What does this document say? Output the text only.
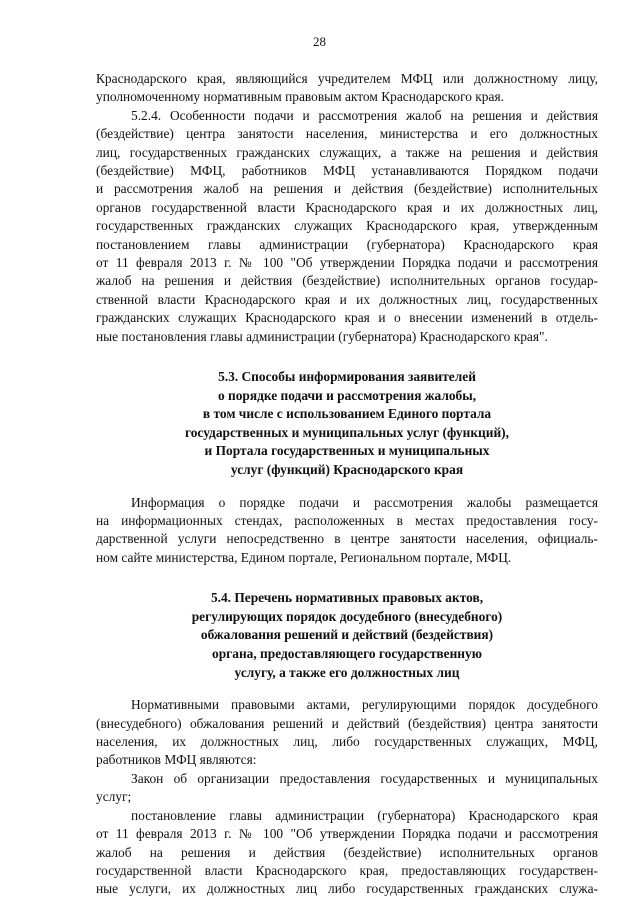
28
Краснодарского края, являющийся учредителем МФЦ или должностному лицу,
уполномоченному нормативным правовым актом Краснодарского края.
5.2.4. Особенности подачи и рассмотрения жалоб на решения и действия
(бездействие) центра занятости населения, министерства и его должностных
лиц, государственных гражданских служащих, а также на решения и действия
(бездействие) МФЦ, работников МФЦ устанавливаются Порядком подачи
и рассмотрения жалоб на решения и действия (бездействие) исполнительных
органов государственной власти Краснодарского края и их должностных лиц,
государственных гражданских служащих Краснодарского края, утвержденным
постановлением главы администрации (губернатора) Краснодарского края
от 11 февраля 2013 г. № 100 "Об утверждении Порядка подачи и рассмотрения
жалоб на решения и действия (бездействие) исполнительных органов государ-
ственной власти Краснодарского края и их должностных лиц, государственных
гражданских служащих Краснодарского края и о внесении изменений в отдель-
ные постановления главы администрации (губернатора) Краснодарского края".
5.3. Способы информирования заявителей
о порядке подачи и рассмотрения жалобы,
в том числе с использованием Единого портала
государственных и муниципальных услуг (функций),
и Портала государственных и муниципальных
услуг (функций) Краснодарского края
Информация о порядке подачи и рассмотрения жалобы размещается
на информационных стендах, расположенных в местах предоставления госу-
дарственной услуги непосредственно в центре занятости населения, официаль-
ном сайте министерства, Едином портале, Региональном портале, МФЦ.
5.4. Перечень нормативных правовых актов,
регулирующих порядок досудебного (внесудебного)
обжалования решений и действий (бездействия)
органа, предоставляющего государственную
услугу, а также его должностных лиц
Нормативными правовыми актами, регулирующими порядок досудебного
(внесудебного) обжалования решений и действий (бездействия) центра занятости
населения, их должностных лиц, либо государственных служащих, МФЦ,
работников МФЦ являются:
Закон об организации предоставления государственных и муниципальных
услуг;
постановление главы администрации (губернатора) Краснодарского края
от 11 февраля 2013 г. № 100 "Об утверждении Порядка подачи и рассмотрения
жалоб на решения и действия (бездействие) исполнительных органов
государственной власти Краснодарского края, предоставляющих государствен-
ные услуги, их должностных лиц либо государственных гражданских служа-
